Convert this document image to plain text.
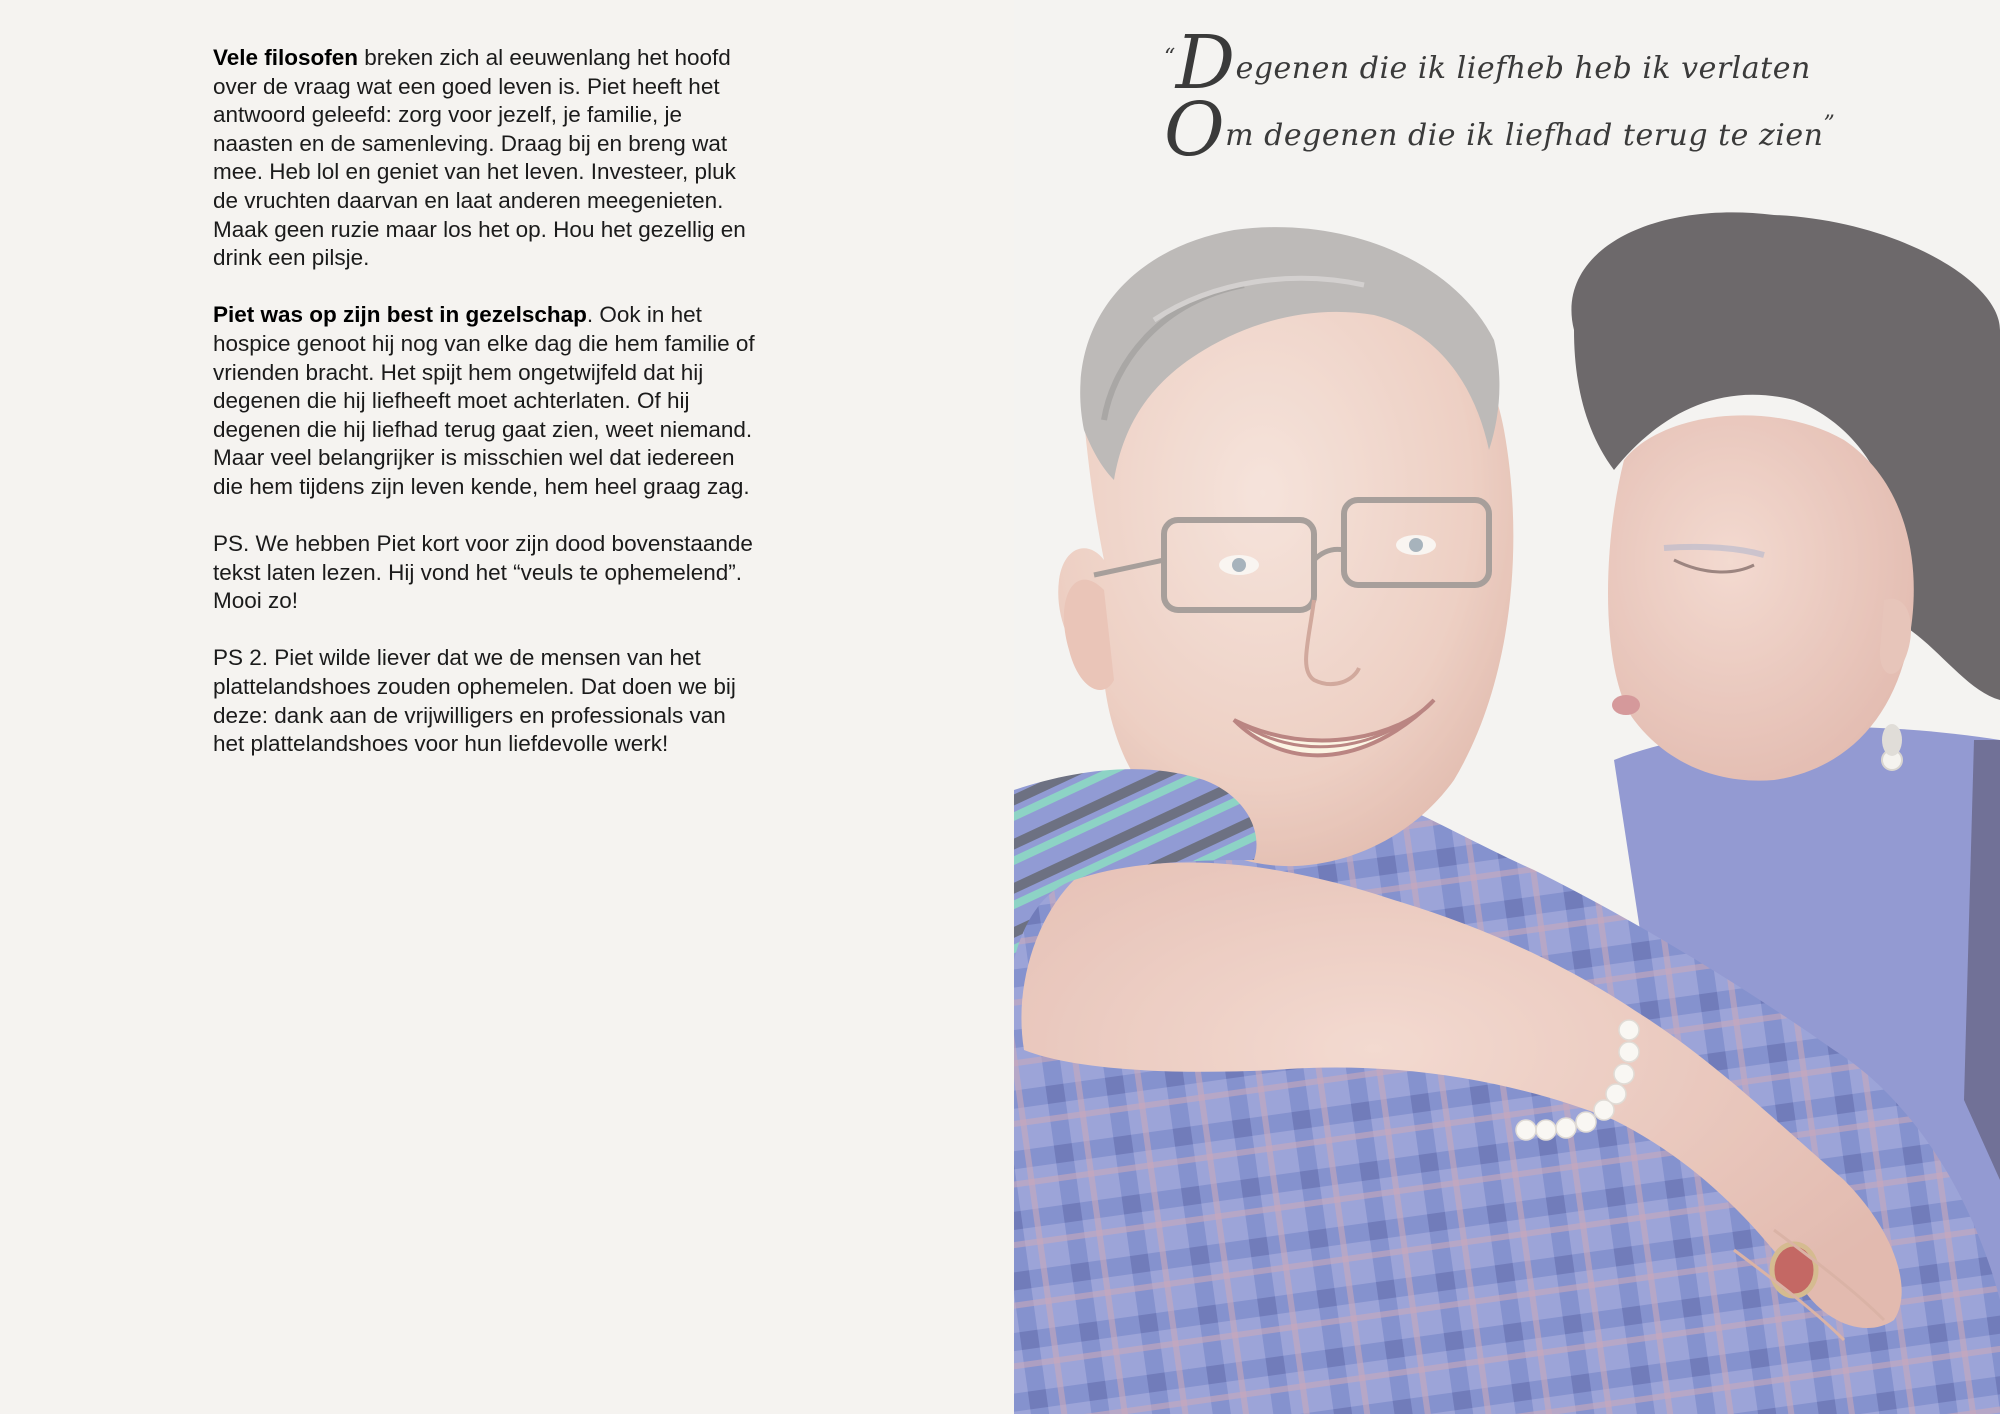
Vele filosofen breken zich al eeuwenlang het hoofd over de vraag wat een goed leven is. Piet heeft het antwoord geleefd: zorg voor jezelf, je familie, je naasten en de samenleving. Draag bij en breng wat mee. Heb lol en geniet van het leven. Investeer, pluk de vruchten daarvan en laat anderen meegenieten. Maak geen ruzie maar los het op. Hou het gezellig en drink een pilsje.

Piet was op zijn best in gezelschap. Ook in het hospice genoot hij nog van elke dag die hem familie of vrienden bracht. Het spijt hem ongetwijfeld dat hij degenen die hij liefheeft moet achterlaten. Of hij degenen die hij liefhad terug gaat zien, weet niemand. Maar veel belangrijker is misschien wel dat iedereen die hem tijdens zijn leven kende, hem heel graag zag.

PS. We hebben Piet kort voor zijn dood bovenstaande tekst laten lezen. Hij vond het “veuls te ophemelend”. Mooi zo!

PS 2. Piet wilde liever dat we de mensen van het plattelandshoes zouden ophemelen. Dat doen we bij deze: dank aan de vrijwilligers en professionals van het plattelandshoes voor hun liefdevolle werk!

“Degenen die ik liefheb heb ik verlaten
Om degenen die ik liefhad terug te zien”
